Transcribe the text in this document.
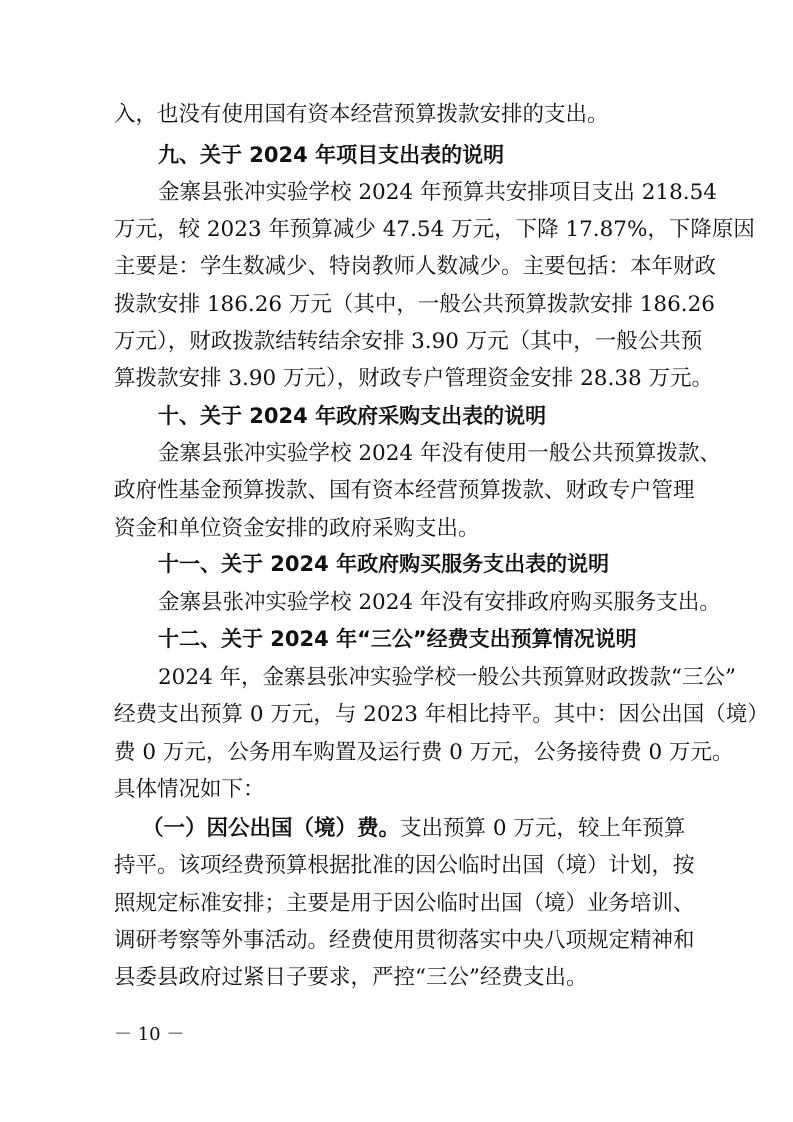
入，也没有使用国有资本经营预算拨款安排的支出。
九、关于 2024 年项目支出表的说明
金寨县张冲实验学校 2024 年预算共安排项目支出 218.54
万元，较 2023 年预算减少 47.54 万元，下降 17.87%，下降原因
主要是：学生数减少、特岗教师人数减少。主要包括：本年财政
拨款安排 186.26 万元（其中，一般公共预算拨款安排 186.26
万元），财政拨款结转结余安排 3.90 万元（其中，一般公共预
算拨款安排 3.90 万元），财政专户管理资金安排 28.38 万元。
十、关于 2024 年政府采购支出表的说明
金寨县张冲实验学校 2024 年没有使用一般公共预算拨款、
政府性基金预算拨款、国有资本经营预算拨款、财政专户管理
资金和单位资金安排的政府采购支出。
十一、关于 2024 年政府购买服务支出表的说明
金寨县张冲实验学校 2024 年没有安排政府购买服务支出。
十二、关于 2024 年“三公”经费支出预算情况说明
2024 年，金寨县张冲实验学校一般公共预算财政拨款“三公”
经费支出预算 0 万元，与 2023 年相比持平。其中：因公出国（境）
费 0 万元，公务用车购置及运行费 0 万元，公务接待费 0 万元。
具体情况如下：
（一）因公出国（境）费。支出预算 0 万元，较上年预算
持平。该项经费预算根据批准的因公临时出国（境）计划，按
照规定标准安排；主要是用于因公临时出国（境）业务培训、
调研考察等外事活动。经费使用贯彻落实中央八项规定精神和
县委县政府过紧日子要求，严控“三公”经费支出。
－ 10 －
